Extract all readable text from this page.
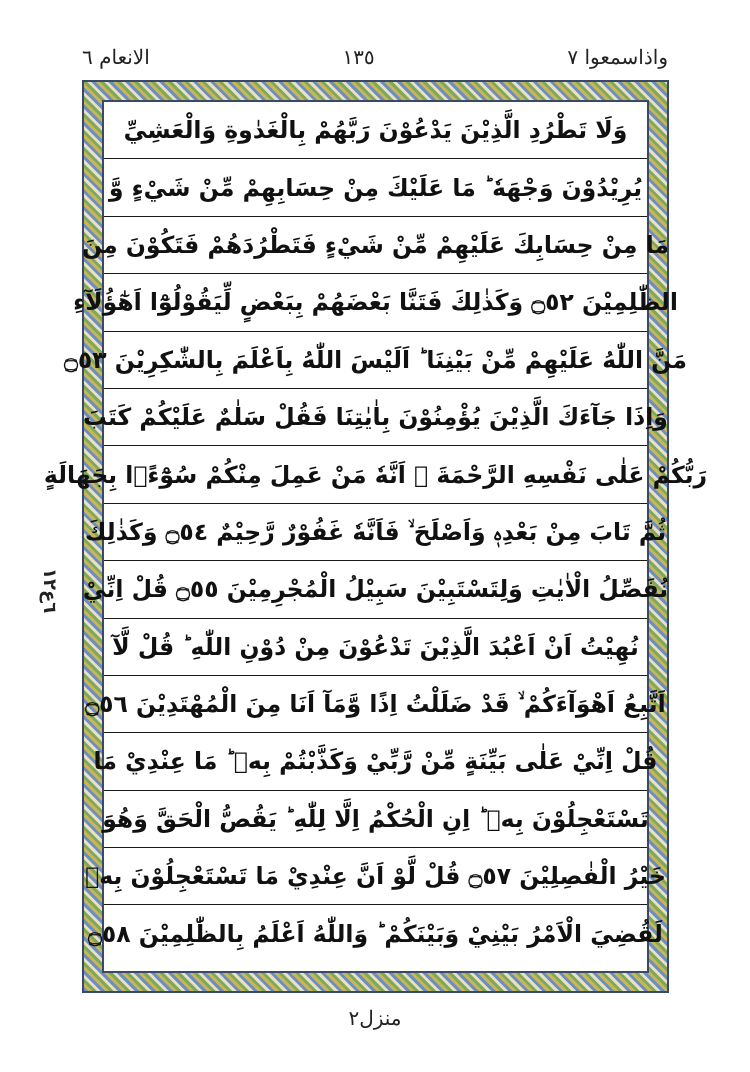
الانعام ٦	١٣٥	واذاسمعوا ٧
٦ع١٢
وَلَا تَطْرُدِ الَّذِيْنَ يَدْعُوْنَ رَبَّهُمْ بِالْغَدٰوةِ وَالْعَشِيِّ
يُرِيْدُوْنَ وَجْهَهٗ ؕ مَا عَلَيْكَ مِنْ حِسَابِهِمْ مِّنْ شَيْءٍ وَّ
مَا مِنْ حِسَابِكَ عَلَيْهِمْ مِّنْ شَيْءٍ فَتَطْرُدَهُمْ فَتَكُوْنَ مِنَ
الظّٰلِمِيْنَ ۝٥٢ وَكَذٰلِكَ فَتَنَّا بَعْضَهُمْ بِبَعْضٍ لِّيَقُوْلُوْٓا اَهٰٓؤُلَآءِ
مَنَّ اللّٰهُ عَلَيْهِمْ مِّنْ بَيْنِنَا ؕ اَلَيْسَ اللّٰهُ بِاَعْلَمَ بِالشّٰكِرِيْنَ ۝٥٣
وَاِذَا جَآءَكَ الَّذِيْنَ يُؤْمِنُوْنَ بِاٰيٰتِنَا فَقُلْ سَلٰمٌ عَلَيْكُمْ كَتَبَ
رَبُّكُمْ عَلٰى نَفْسِهِ الرَّحْمَةَ ۙ اَنَّهٗ مَنْ عَمِلَ مِنْكُمْ سُوْٓءًۢا بِجَهَالَةٍ
ثُمَّ تَابَ مِنْ بَعْدِهٖ وَاَصْلَحَ ۙ فَاَنَّهٗ غَفُوْرٌ رَّحِيْمٌ ۝٥٤ وَكَذٰلِكَ
نُفَصِّلُ الْاٰيٰتِ وَلِتَسْتَبِيْنَ سَبِيْلُ الْمُجْرِمِيْنَ ۝٥٥ قُلْ اِنِّيْ
نُهِيْتُ اَنْ اَعْبُدَ الَّذِيْنَ تَدْعُوْنَ مِنْ دُوْنِ اللّٰهِ ؕ قُلْ لَّآ
اَتَّبِعُ اَهْوَآءَكُمْ ۙ قَدْ ضَلَلْتُ اِذًا وَّمَآ اَنَا مِنَ الْمُهْتَدِيْنَ ۝٥٦
قُلْ اِنِّيْ عَلٰى بَيِّنَةٍ مِّنْ رَّبِّيْ وَكَذَّبْتُمْ بِهٖ ؕ مَا عِنْدِيْ مَا
تَسْتَعْجِلُوْنَ بِهٖ ؕ اِنِ الْحُكْمُ اِلَّا لِلّٰهِ ؕ يَقُصُّ الْحَقَّ وَهُوَ
خَيْرُ الْفٰصِلِيْنَ ۝٥٧ قُلْ لَّوْ اَنَّ عِنْدِيْ مَا تَسْتَعْجِلُوْنَ بِهٖ
لَقُضِيَ الْاَمْرُ بَيْنِيْ وَبَيْنَكُمْ ؕ وَاللّٰهُ اَعْلَمُ بِالظّٰلِمِيْنَ ۝٥٨
منزل٢
